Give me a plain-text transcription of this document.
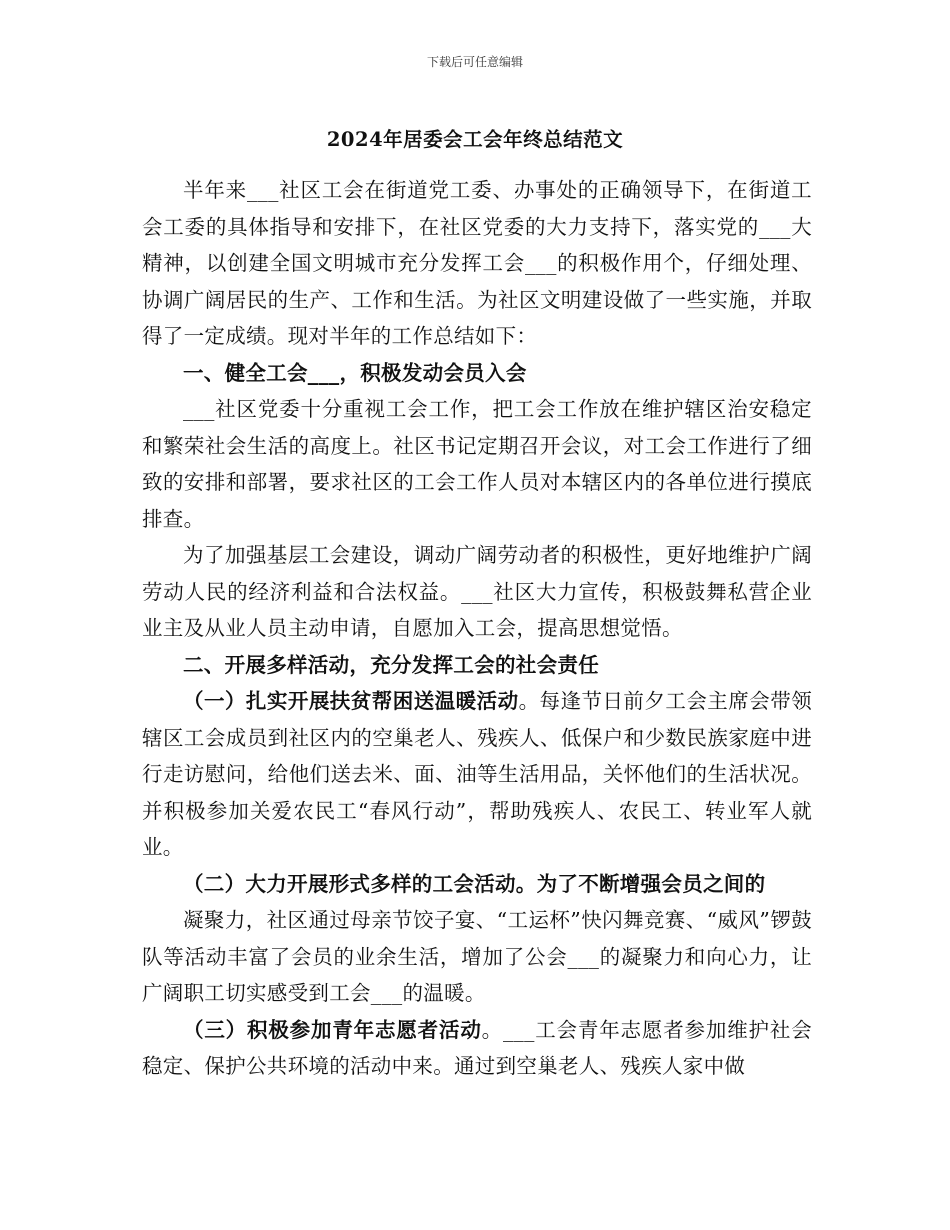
下载后可任意编辑
2024年居委会工会年终总结范文

半年来___社区工会在街道党工委、办事处的正确领导下，在街道工会工委的具体指导和安排下，在社区党委的大力支持下，落实党的___大精神，以创建全国文明城市充分发挥工会___的积极作用个，仔细处理、协调广阔居民的生产、工作和生活。为社区文明建设做了一些实施，并取得了一定成绩。现对半年的工作总结如下：

一、健全工会___，积极发动会员入会

___社区党委十分重视工会工作，把工会工作放在维护辖区治安稳定和繁荣社会生活的高度上。社区书记定期召开会议，对工会工作进行了细致的安排和部署，要求社区的工会工作人员对本辖区内的各单位进行摸底排查。

为了加强基层工会建设，调动广阔劳动者的积极性，更好地维护广阔劳动人民的经济利益和合法权益。___社区大力宣传，积极鼓舞私营企业业主及从业人员主动申请，自愿加入工会，提高思想觉悟。

二、开展多样活动，充分发挥工会的社会责任

（一）扎实开展扶贫帮困送温暖活动。每逢节日前夕工会主席会带领辖区工会成员到社区内的空巢老人、残疾人、低保户和少数民族家庭中进行走访慰问，给他们送去米、面、油等生活用品，关怀他们的生活状况。并积极参加关爱农民工“春风行动”，帮助残疾人、农民工、转业军人就业。

（二）大力开展形式多样的工会活动。为了不断增强会员之间的

凝聚力，社区通过母亲节饺子宴、“工运杯”快闪舞竞赛、“威风”锣鼓队等活动丰富了会员的业余生活，增加了公会___的凝聚力和向心力，让广阔职工切实感受到工会___的温暖。

（三）积极参加青年志愿者活动。___工会青年志愿者参加维护社会稳定、保护公共环境的活动中来。通过到空巢老人、残疾人家中做
